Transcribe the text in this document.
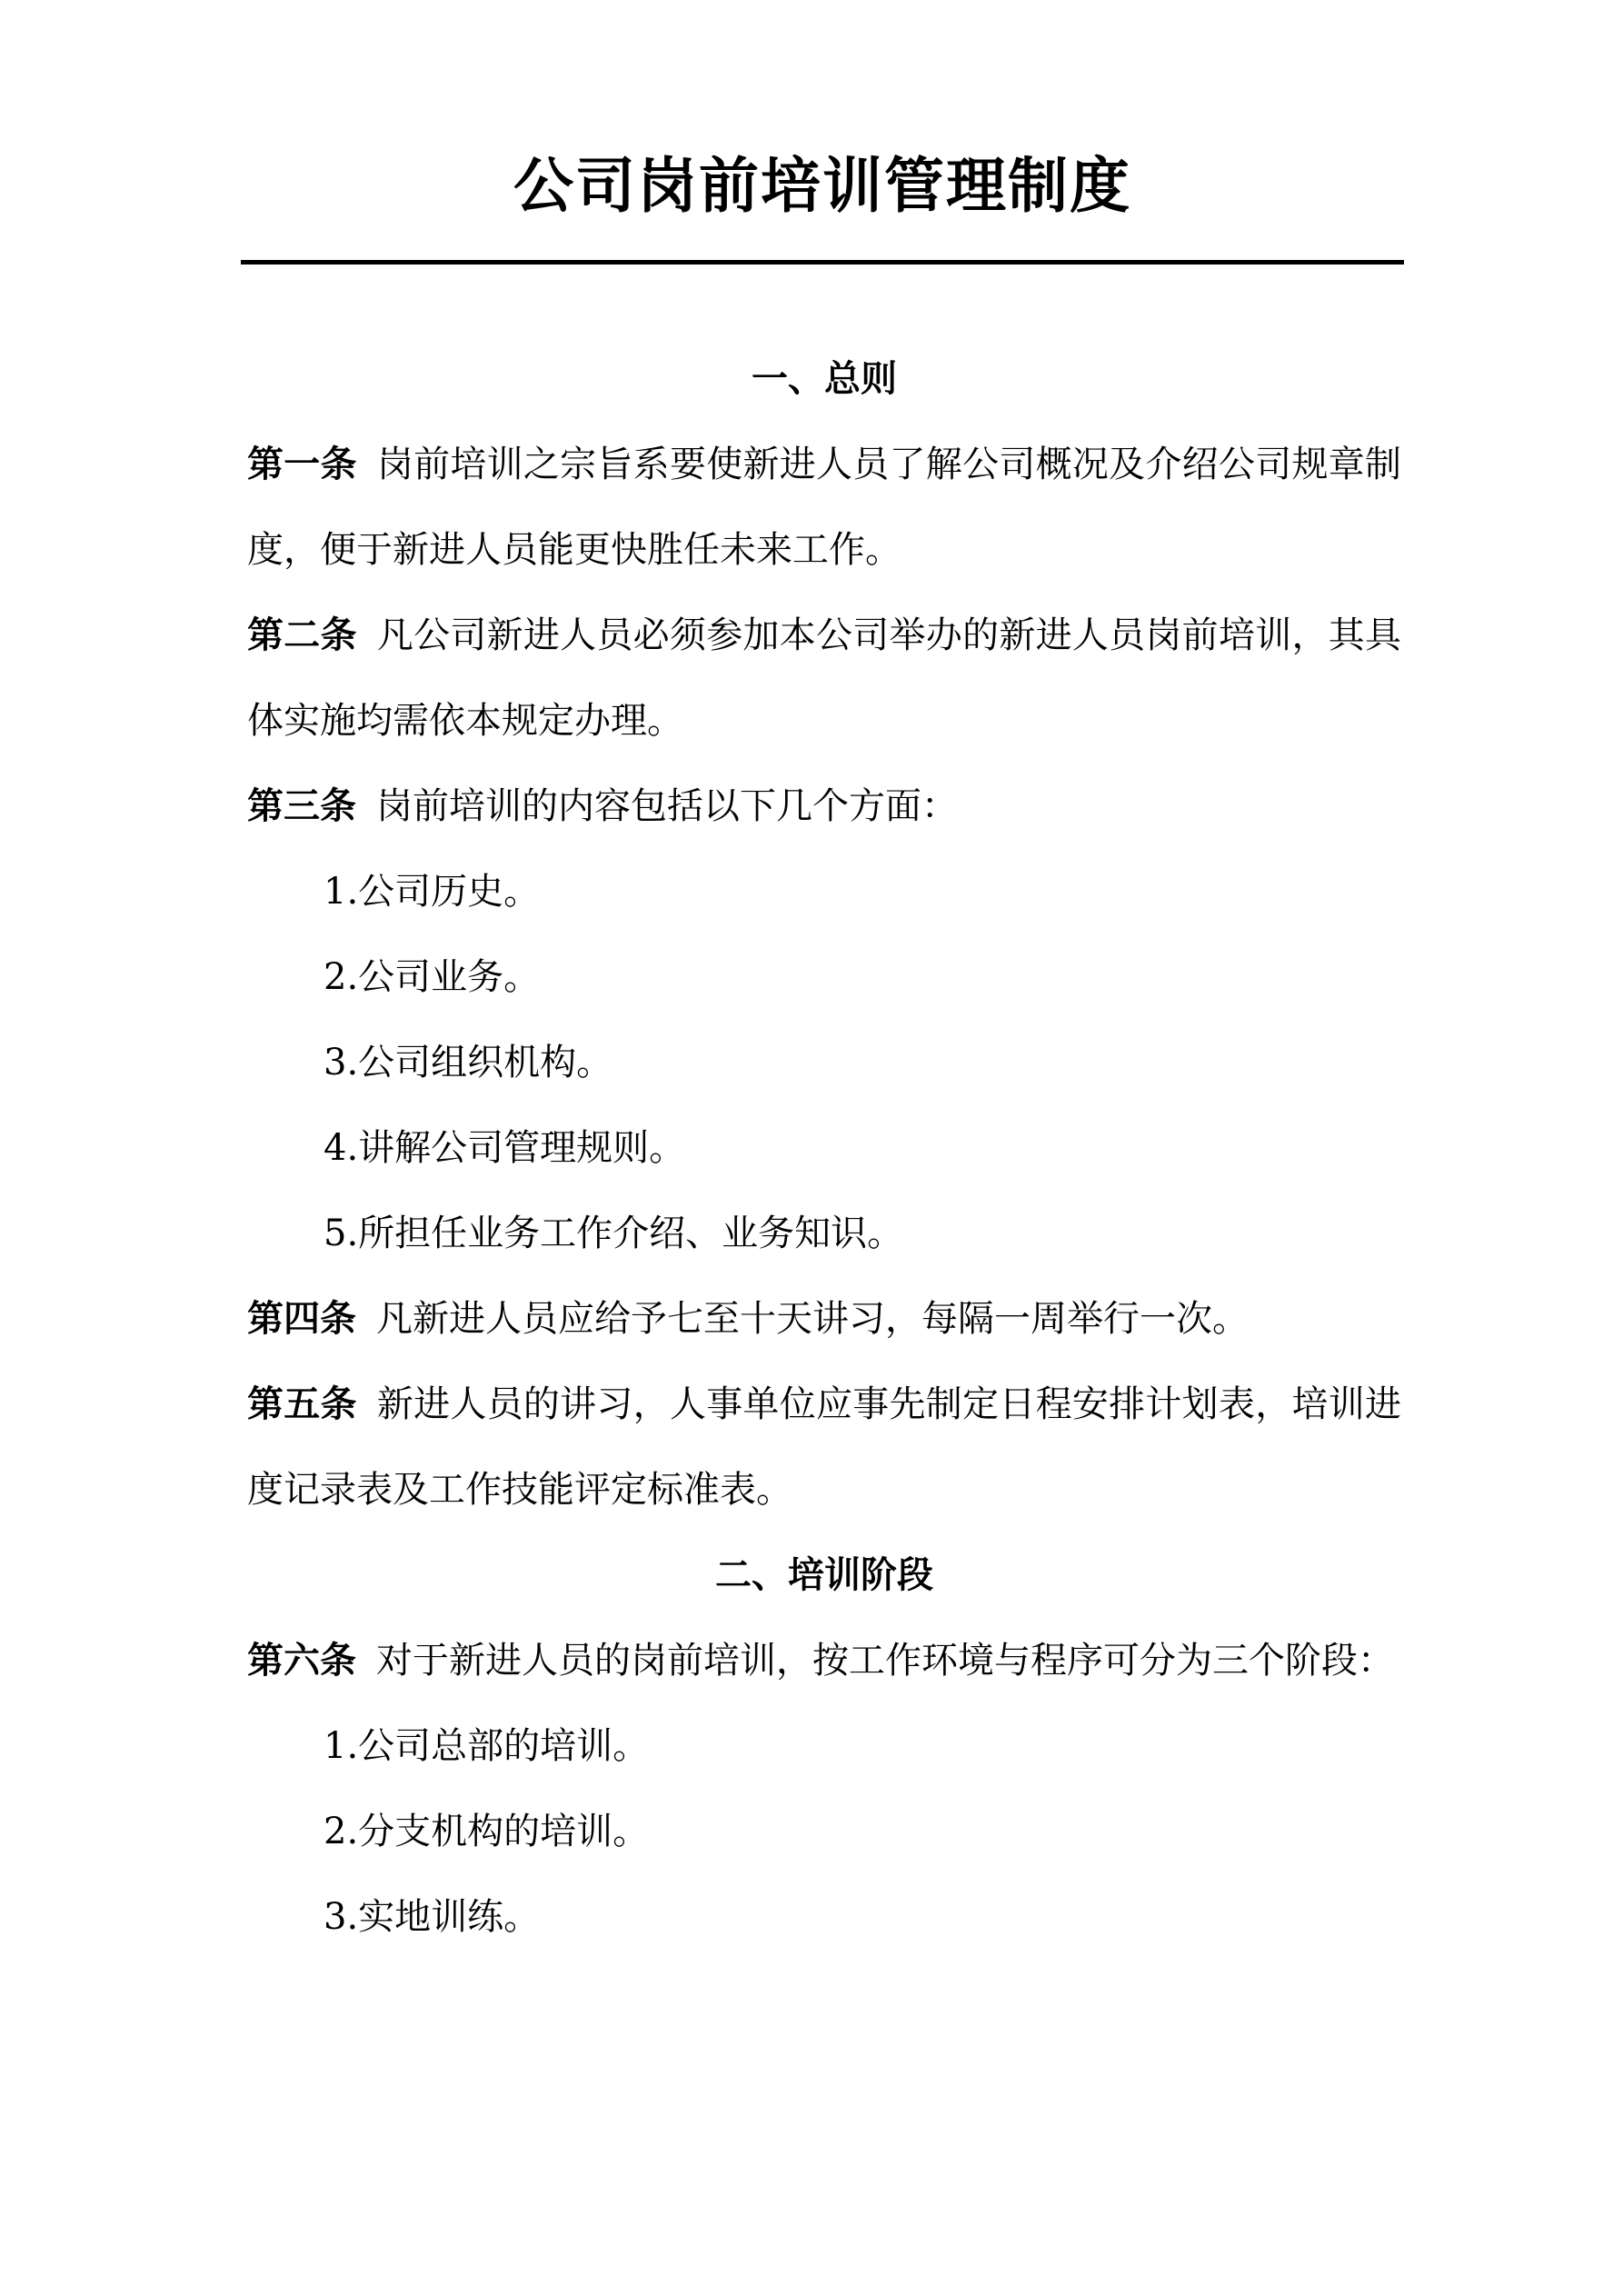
公司岗前培训管理制度
一、总则

第一条 岗前培训之宗旨系要使新进人员了解公司概况及介绍公司规章制度，便于新进人员能更快胜任未来工作。

第二条 凡公司新进人员必须参加本公司举办的新进人员岗前培训，其具体实施均需依本规定办理。

第三条 岗前培训的内容包括以下几个方面：

1.公司历史。

2.公司业务。

3.公司组织机构。

4.讲解公司管理规则。

5.所担任业务工作介绍、业务知识。

第四条 凡新进人员应给予七至十天讲习，每隔一周举行一次。

第五条 新进人员的讲习，人事单位应事先制定日程安排计划表，培训进度记录表及工作技能评定标准表。

二、培训阶段

第六条 对于新进人员的岗前培训，按工作环境与程序可分为三个阶段：

1.公司总部的培训。

2.分支机构的培训。

3.实地训练。
